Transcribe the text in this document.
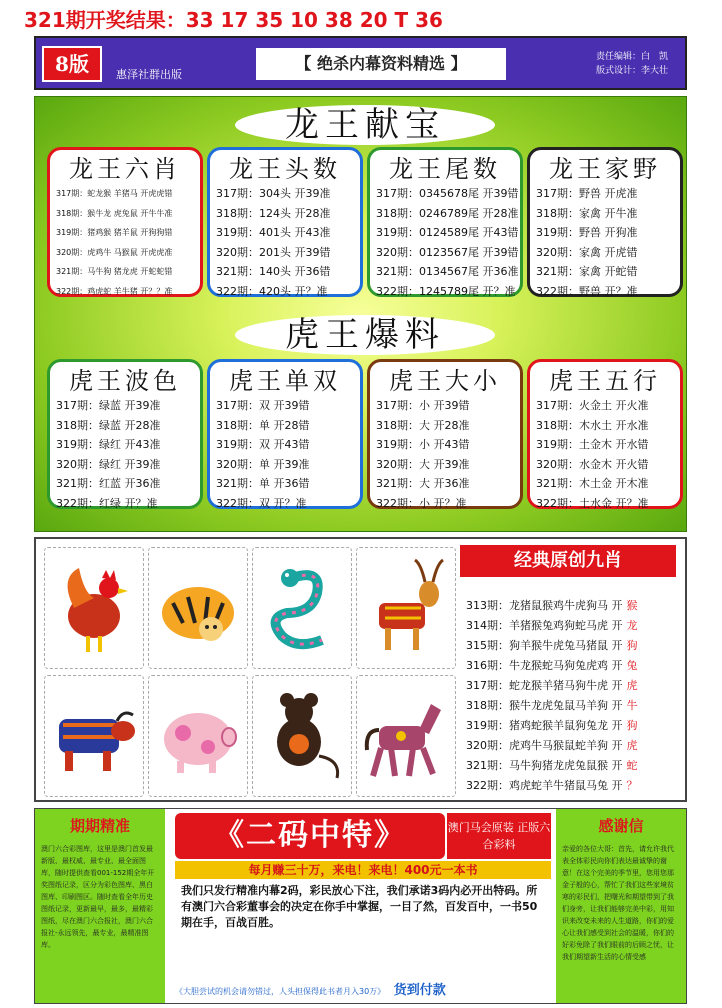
321期开奖结果：33 17 35 10 38 20 T 36
8版	惠泽社群出版
【 绝杀内幕资料精选 】	责任编辑：白　凯
版式设计：李大壮
龙王献宝
虎王爆料
龙王六肖
317期：蛇龙猴 羊猪马 开虎虎错
318期：猴牛龙 虎兔鼠 开牛牛准
319期：猪鸡猴 猪羊鼠 开狗狗错
320期：虎鸡牛 马猴鼠 开虎虎准
321期：马牛狗 猪龙虎 开蛇蛇错
322期：鸡虎蛇 羊牛猪 开？？准
龙王头数
317期：304头 开39准
318期：124头 开28准
319期：401头 开43准
320期：201头 开39错
321期：140头 开36错
322期：420头 开？准
龙王尾数
317期：0345678尾 开39错
318期：0246789尾 开28准
319期：0124589尾 开43错
320期：0123567尾 开39错
321期：0134567尾 开36准
322期：1245789尾 开？准
龙王家野
317期：野兽 开虎准
318期：家禽 开牛准
319期：野兽 开狗准
320期：家禽 开虎错
321期：家禽 开蛇错
322期：野兽 开？准
虎王波色
317期：绿蓝 开39准
318期：绿蓝 开28准
319期：绿红 开43准
320期：绿红 开39准
321期：红蓝 开36准
322期：红绿 开？准
虎王单双
317期：双 开39错
318期：单 开28错
319期：双 开43错
320期：单 开39准
321期：单 开36错
322期：双 开？准
虎王大小
317期：小 开39错
318期：大 开28准
319期：小 开43错
320期：大 开39准
321期：大 开36准
322期：小 开？准
虎王五行
317期：火金土 开火准
318期：木水土 开水准
319期：土金木 开水错
320期：水金木 开火错
321期：木土金 开木准
322期：土水金 开？准
经典原创九肖
313期：龙猪鼠猴鸡牛虎狗马 开 猴
314期：羊猪猴兔鸡狗蛇马虎 开 龙
315期：狗羊猴牛虎兔马猪鼠 开 狗
316期：牛龙猴蛇马狗兔虎鸡 开 兔
317期：蛇龙猴羊猪马狗牛虎 开 虎
318期：猴牛龙虎兔鼠马羊狗 开 牛
319期：猪鸡蛇猴羊鼠狗兔龙 开 狗
320期：虎鸡牛马猴鼠蛇羊狗 开 虎
321期：马牛狗猪龙虎兔鼠猴 开 蛇
322期：鸡虎蛇羊牛猪鼠马兔 开 ？
期期精准
澳门六合彩图库，这里是澳门首发最新版、最权威、最专业、最全面图库，随时提供查看001-152期全年开奖图纸记录，区分为彩色图库、黑白图库、印刷图区。随时查看全年历史图纸记录，更新最早，最多，最精彩图纸，尽在澳门六合报社，澳门六合报社-永远领先，最专业，最精准图库。
《二码中特》	澳门马会原装 正版六合彩料
每月赚三十万，来电！来电！400元一本书
我们只发行精准内幕2码，彩民放心下注，我们承诺3码内必开出特码。所有澳门六合彩董事会的决定在你手中掌握，一目了然，百发百中，一书50期在手，百战百胜。
《大胆尝试的机会请勿错过，人头担保得此书者月入30万》 货到付款
感谢信
亲爱的各位大哥：首先，请允许我代表全体彩民向你们表达最诚挚的谢意！在这个完美的季节里，您用您那金子般的心，帮忙了我们这些家境贫寒的彩民们，把曙光和期望带到了我们身旁，让我们能够完美中彩，用知识来改变未来的人生道路，你们的爱心让我们感受到社会的温暖，你们的好彩免除了我们眼前的后顾之忧，让我们期望新生活的心情受感
